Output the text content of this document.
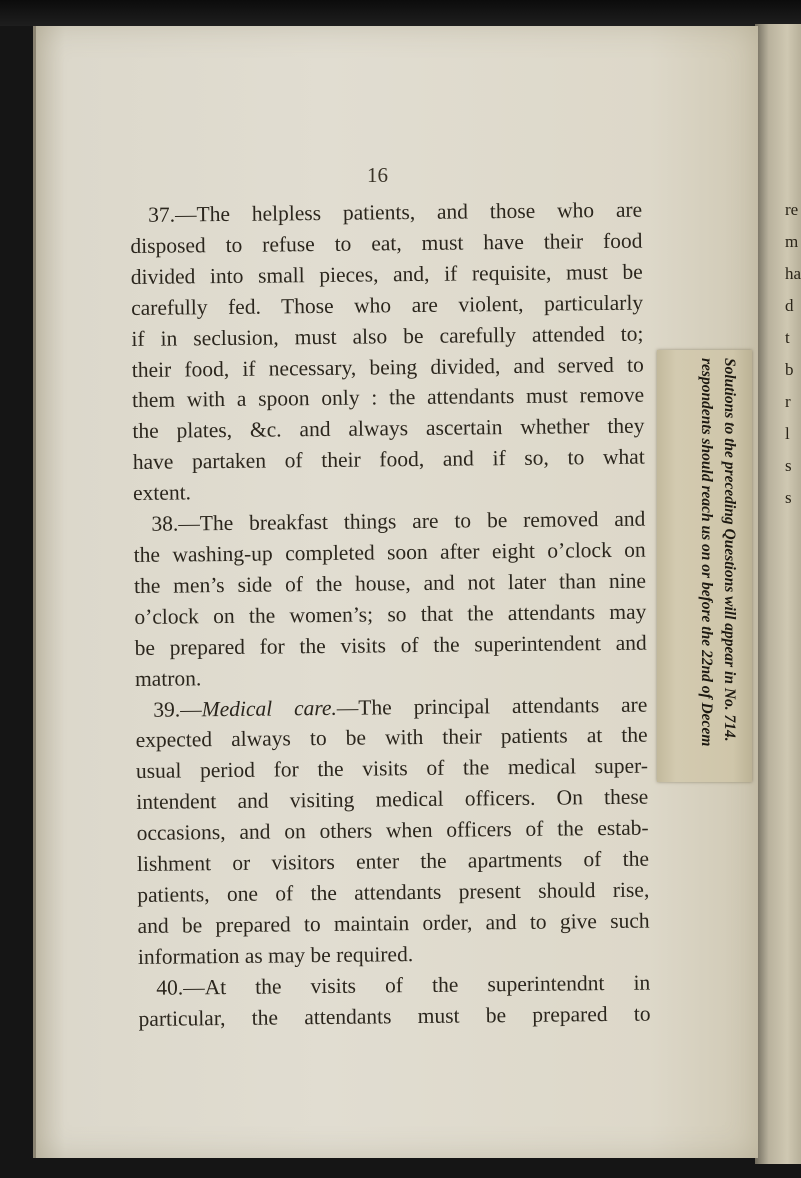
re
m
ha
d
t
b
r
l
s
s
16
37.—The helpless patients, and those who are
disposed to refuse to eat, must have their food
divided into small pieces, and, if requisite, must be
carefully fed. Those who are violent, particularly
if in seclusion, must also be carefully attended to;
their food, if necessary, being divided, and served to
them with a spoon only : the attendants must remove
the plates, &c. and always ascertain whether they
have partaken of their food, and if so, to what
extent.
38.—The breakfast things are to be removed and
the washing-up completed soon after eight o’clock on
the men’s side of the house, and not later than nine
o’clock on the women’s; so that the attendants may
be prepared for the visits of the superintendent and
matron.
39.—Medical care.—The principal attendants are
expected always to be with their patients at the
usual period for the visits of the medical super-
intendent and visiting medical officers. On these
occasions, and on others when officers of the estab-
lishment or visitors enter the apartments of the
patients, one of the attendants present should rise,
and be prepared to maintain order, and to give such
information as may be required.
40.—At the visits of the superintendnt in
particular, the attendants must be prepared to
Solutions to the preceding Questions will appear in No. 714.
respondents should reach us on or before the 22nd of Decem
